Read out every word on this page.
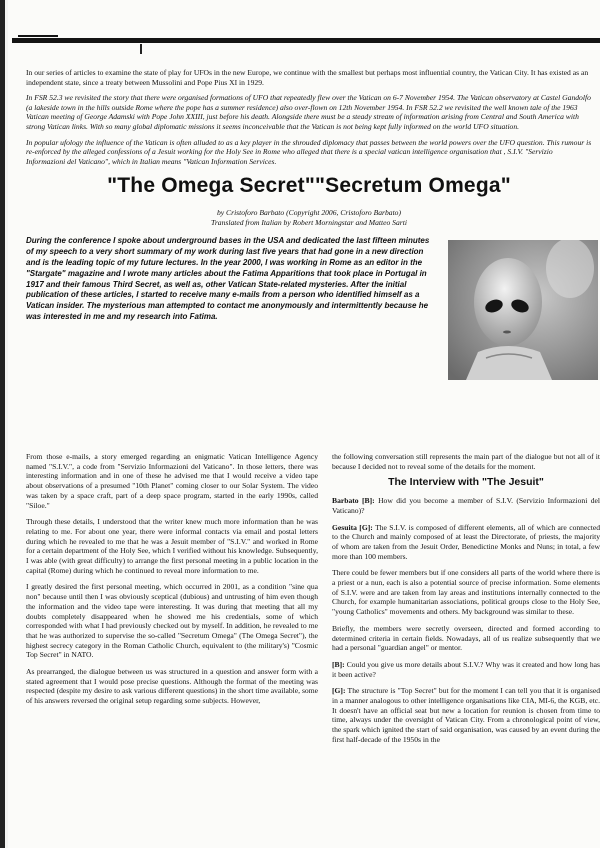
In our series of articles to examine the state of play for UFOs in the new Europe, we continue with the smallest but perhaps most influential country, the Vatican City. It has existed as an independent state, since a treaty between Mussolini and Pope Pius XI in 1929.

In FSR 52.3 we revisited the story that there were organised formations of UFO that repeatedly flew over the Vatican on 6-7 November 1954. The Vatican observatory at Castel Gandolfo (a lakeside town in the hills outside Rome where the pope has a summer residence) also over-flown on 12th November 1954. In FSR 52.2 we revisited the well known tale of the 1963 Vatican meeting of George Adamski with Pope John XXIII, just before his death. Alongside there must be a steady stream of information arising from Central and South America with strong Vatican links. With so many global diplomatic missions it seems inconceivable that the Vatican is not being kept fully informed on the world UFO situation.

In popular ufology the influence of the Vatican is often alluded to as a key player in the shrouded diplomacy that passes between the world powers over the UFO question. This rumour is re-enforced by the alleged confessions of a Jesuit working for the Holy See in Rome who alleged that there is a special vatican intelligence organisation that , S.I.V. "Servizio Informazioni del Vaticano", which in Italian means "Vatican Information Services.

"The Omega Secret""Secretum Omega"

by Cristoforo Barbato (Copyright 2006, Cristoforo Barbato)

Translated from Italian by Robert Morningstar and Matteo Sarti

During the conference I spoke about underground bases in the USA and dedicated the last fifteen minutes of my speech to a very short summary of my work during last five years that had gone in a new direction and is the leading topic of my future lectures. In the year 2000, I was working in Rome as an editor in the "Stargate" magazine and I wrote many articles about the Fatima Apparitions that took place in Portugal in 1917 and their famous Third Secret, as well as, other Vatican State-related mysteries. After the initial publication of these articles, I started to receive many e-mails from a person who identified himself as a Vatican insider. The mysterious man attempted to contact me anonymously and intermittently because he was interested in me and my research into Fatima.

From those e-mails, a story emerged regarding an enigmatic Vatican Intelligence Agency named "S.I.V.", a code from "Servizio Informazioni del Vaticano". In those letters, there was interesting information and in one of these he advised me that I would receive a video tape about observations of a presumed "10th Planet" coming closer to our Solar System. The video was taken by a space craft, part of a deep space program, started in the early 1990s, called "Siloe."

Through these details, I understood that the writer knew much more information than he was relating to me. For about one year, there were informal contacts via email and postal letters during which he revealed to me that he was a Jesuit member of "S.I.V." and worked in Rome for a certain department of the Holy See, which I verified without his knowledge. Subsequently, I was able (with great difficulty) to arrange the first personal meeting in a public location in the capital (Rome) during which he continued to reveal more information to me.

I greatly desired the first personal meeting, which occurred in 2001, as a condition "sine qua non" because until then I was obviously sceptical (dubious) and untrusting of him even though the information and the video tape were interesting. It was during that meeting that all my doubts completely disappeared when he showed me his credentials, some of which corresponded with what I had previously checked out by myself. In addition, he revealed to me that he was authorized to supervise the so-called "Secretum Omega" (The Omega Secret"), the highest secrecy category in the Roman Catholic Church, equivalent to (the military's) "Cosmic Top Secret" in NATO.

As prearranged, the dialogue between us was structured in a question and answer form with a stated agreement that I would pose precise questions. Although the format of the meeting was respected (despite my desire to ask various different questions) in the short time available, some of his answers reversed the original setup regarding some subjects. However,

the following conversation still represents the main part of the dialogue but not all of it because I decided not to reveal some of the details for the moment.

The Interview with "The Jesuit"

Barbato [B]: How did you become a member of S.I.V. (Servizio Informazioni del Vaticano)?

Gesuita [G]: The S.I.V. is composed of different elements, all of which are connected to the Church and mainly composed of at least the Directorate, of priests, the majority of whom are taken from the Jesuit Order, Benedictine Monks and Nuns; in total, a few more than 100 members.

There could be fewer members but if one considers all parts of the world where there is a priest or a nun, each is also a potential source of precise information. Some elements of S.I.V. were and are taken from lay areas and institutions internally connected to the Church, for example humanitarian associations, political groups close to the Holy See, "young Catholics" movements and others. My background was similar to these.

Briefly, the members were secretly overseen, directed and formed according to determined criteria in certain fields. Nowadays, all of us realize subsequently that we had a personal "guardian angel" or mentor.

[B]: Could you give us more details about S.I.V.? Why was it created and how long has it been active?

[G]: The structure is "Top Secret" but for the moment I can tell you that it is organised in a manner analogous to other intelligence organisations like CIA, MI-6, the KGB, etc. It doesn't have an official seat but new a location for reunion is chosen from time to time, always under the oversight of Vatican City. From a chronological point of view, the spark which ignited the start of said organisation, was caused by an event during the first half-decade of the 1950s in the
